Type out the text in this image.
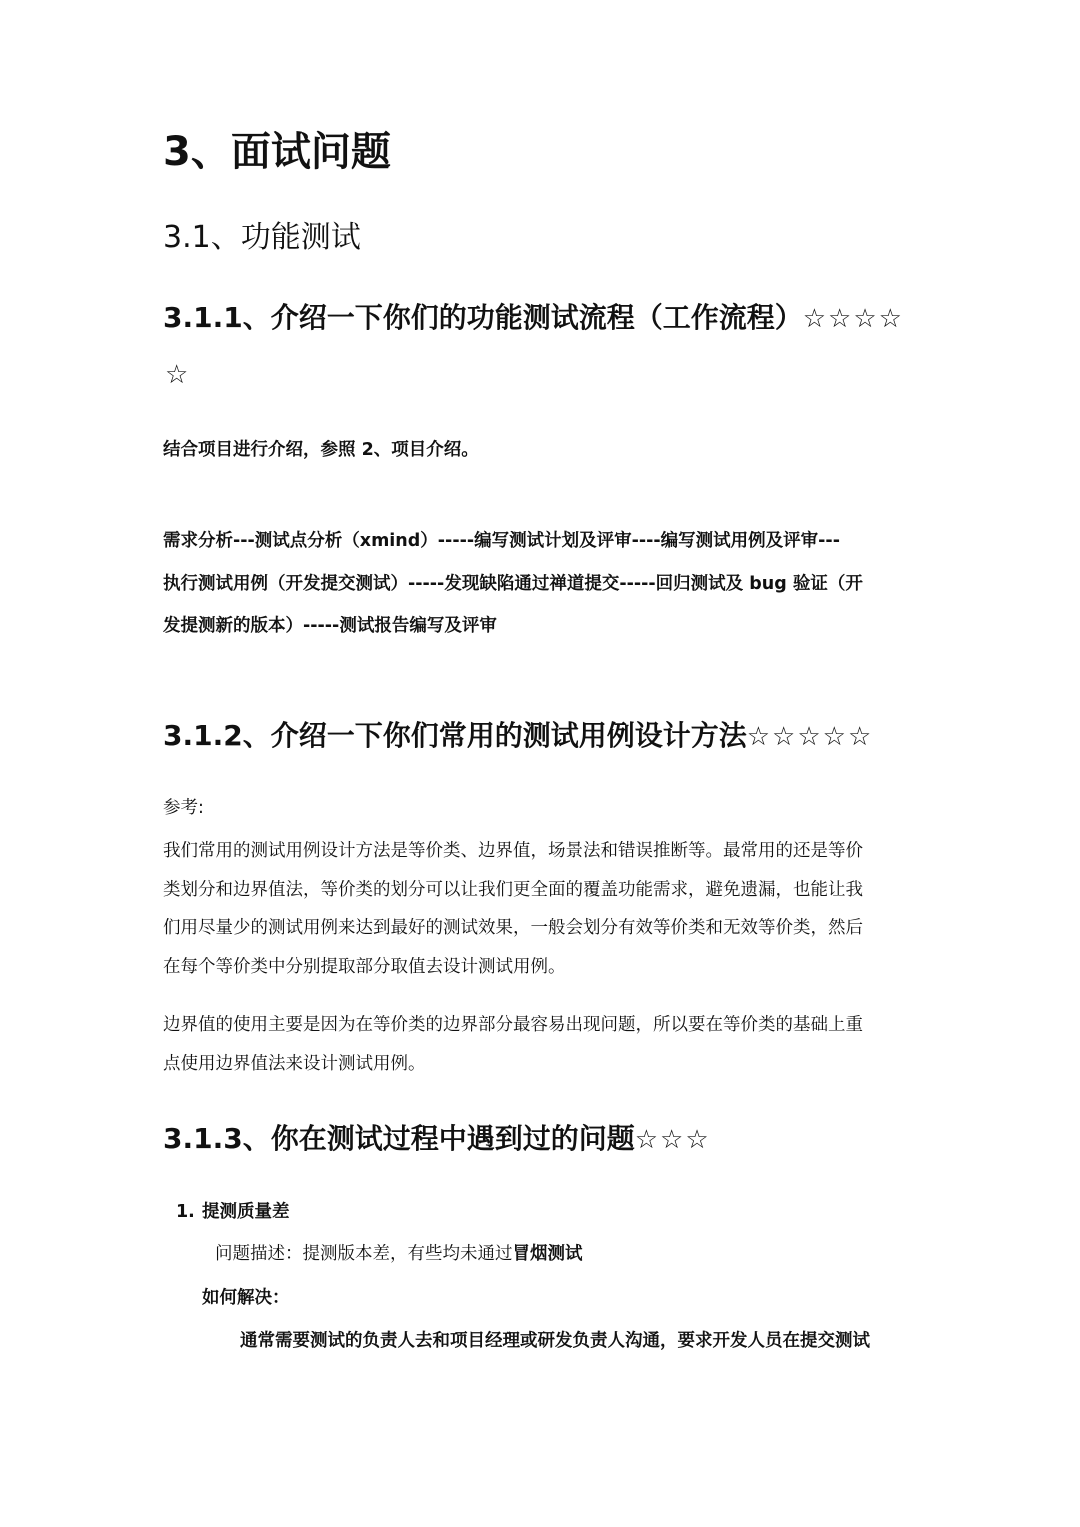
3、面试问题
3.1、功能测试
3.1.1、介绍一下你们的功能测试流程（工作流程）☆☆☆☆
☆
结合项目进行介绍，参照 2、项目介绍。
需求分析---测试点分析（xmind）-----编写测试计划及评审----编写测试用例及评审---
执行测试用例（开发提交测试）-----发现缺陷通过禅道提交-----回归测试及 bug 验证（开
发提测新的版本）-----测试报告编写及评审
3.1.2、介绍一下你们常用的测试用例设计方法☆☆☆☆☆
参考:
我们常用的测试用例设计方法是等价类、边界值，场景法和错误推断等。最常用的还是等价
类划分和边界值法，等价类的划分可以让我们更全面的覆盖功能需求，避免遗漏，也能让我
们用尽量少的测试用例来达到最好的测试效果，一般会划分有效等价类和无效等价类，然后
在每个等价类中分别提取部分取值去设计测试用例。
边界值的使用主要是因为在等价类的边界部分最容易出现问题，所以要在等价类的基础上重
点使用边界值法来设计测试用例。
3.1.3、你在测试过程中遇到过的问题☆☆☆
1. 提测质量差
问题描述：提测版本差，有些均未通过冒烟测试
如何解决：
通常需要测试的负责人去和项目经理或研发负责人沟通，要求开发人员在提交测试
